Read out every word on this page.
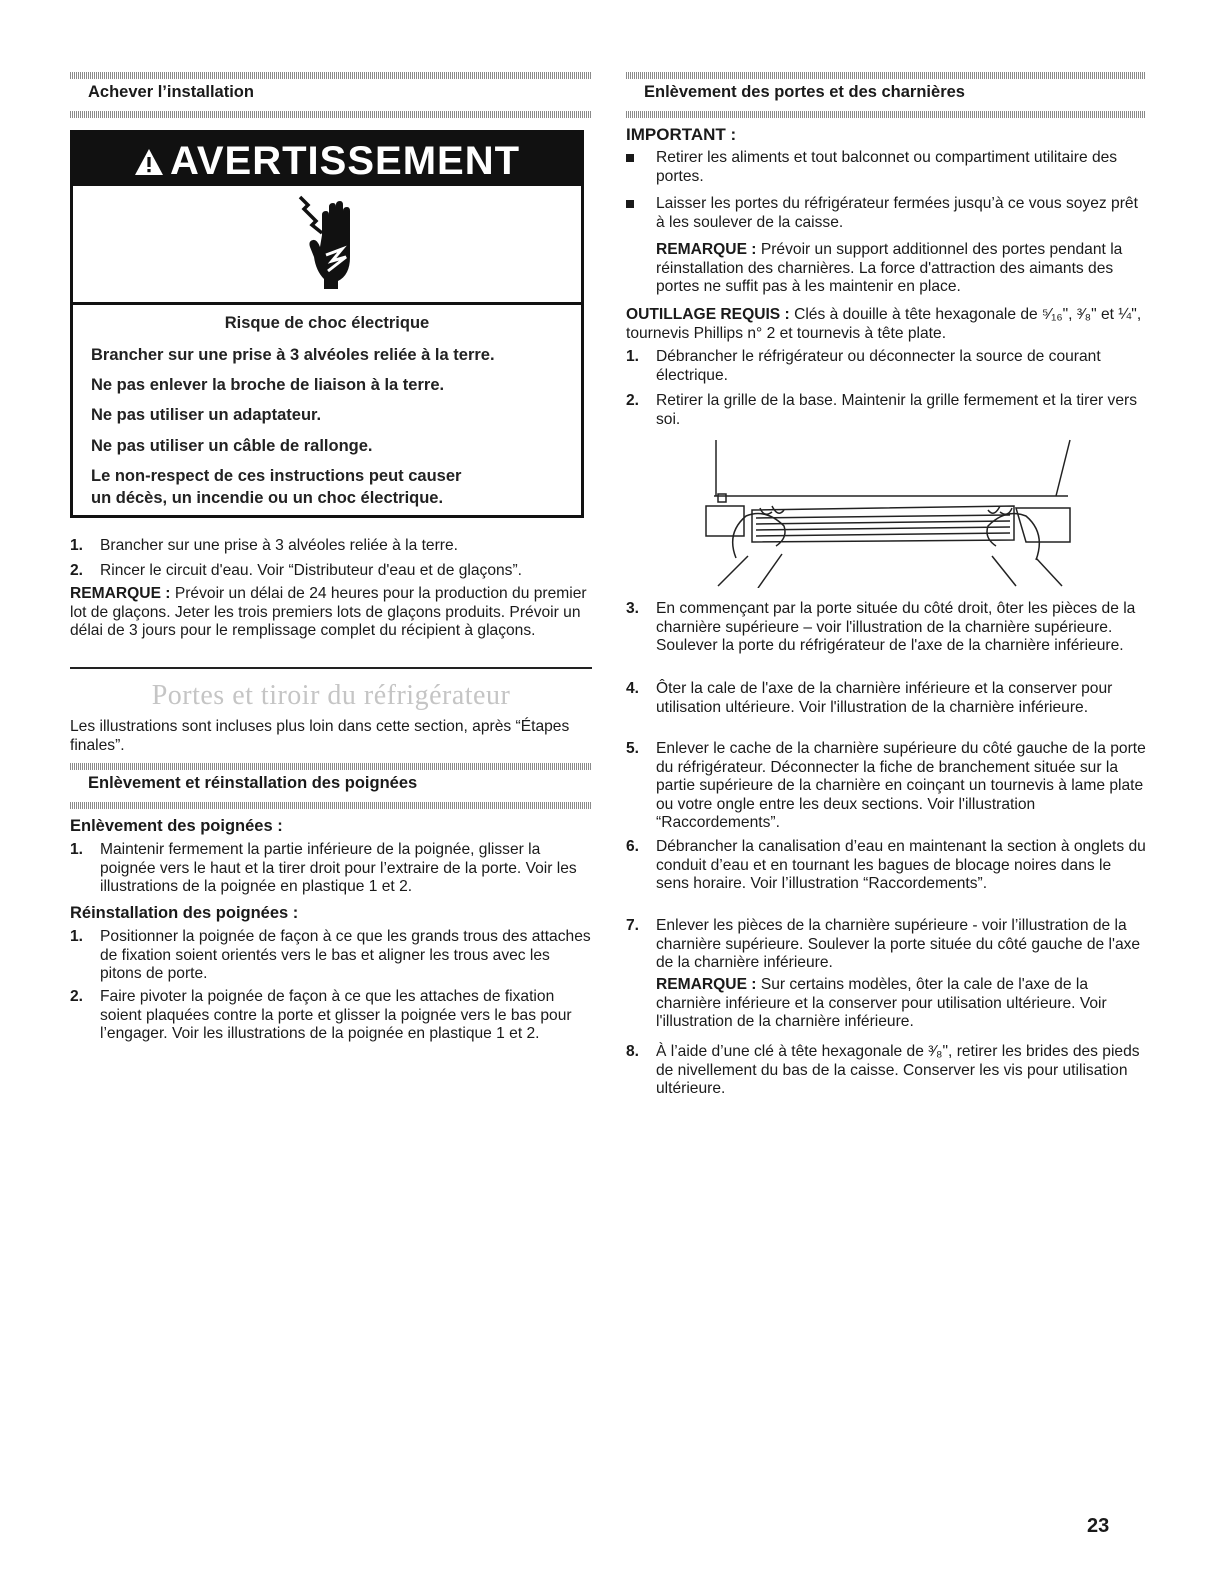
Achever l’installation
AVERTISSEMENT
Risque de choc électrique
Brancher sur une prise à 3 alvéoles reliée à la terre.
Ne pas enlever la broche de liaison à la terre.
Ne pas utiliser un adaptateur.
Ne pas utiliser un câble de rallonge.
Le non-respect de ces instructions peut causer
un décès, un incendie ou un choc électrique.
1. Brancher sur une prise à 3 alvéoles reliée à la terre.
2. Rincer le circuit d'eau. Voir “Distributeur d'eau et de glaçons”.
REMARQUE : Prévoir un délai de 24 heures pour la production du premier lot de glaçons. Jeter les trois premiers lots de glaçons produits. Prévoir un délai de 3 jours pour le remplissage complet du récipient à glaçons.
Portes et tiroir du réfrigérateur
Les illustrations sont incluses plus loin dans cette section, après “Étapes finales”.
Enlèvement et réinstallation des poignées
Enlèvement des poignées :
1. Maintenir fermement la partie inférieure de la poignée, glisser la poignée vers le haut et la tirer droit pour l’extraire de la porte. Voir les illustrations de la poignée en plastique 1 et 2.
Réinstallation des poignées :
1. Positionner la poignée de façon à ce que les grands trous des attaches de fixation soient orientés vers le bas et aligner les trous avec les pitons de porte.
2. Faire pivoter la poignée de façon à ce que les attaches de fixation soient plaquées contre la porte et glisser la poignée vers le bas pour l’engager. Voir les illustrations de la poignée en plastique 1 et 2.
Enlèvement des portes et des charnières
IMPORTANT :
Retirer les aliments et tout balconnet ou compartiment utilitaire des portes.
Laisser les portes du réfrigérateur fermées jusqu’à ce vous soyez prêt à les soulever de la caisse.
REMARQUE : Prévoir un support additionnel des portes pendant la réinstallation des charnières. La force d'attraction des aimants des portes ne suffit pas à les maintenir en place.
OUTILLAGE REQUIS : Clés à douille à tête hexagonale de ⁵⁄₁₆", ³⁄₈" et ¼", tournevis Phillips n° 2 et tournevis à tête plate.
1. Débrancher le réfrigérateur ou déconnecter la source de courant électrique.
2. Retirer la grille de la base. Maintenir la grille fermement et la tirer vers soi.
3. En commençant par la porte située du côté droit, ôter les pièces de la charnière supérieure – voir l'illustration de la charnière supérieure. Soulever la porte du réfrigérateur de l'axe de la charnière inférieure.
4. Ôter la cale de l'axe de la charnière inférieure et la conserver pour utilisation ultérieure. Voir l'illustration de la charnière inférieure.
5. Enlever le cache de la charnière supérieure du côté gauche de la porte du réfrigérateur. Déconnecter la fiche de branchement située sur la partie supérieure de la charnière en coinçant un tournevis à lame plate ou votre ongle entre les deux sections. Voir l'illustration “Raccordements”.
6. Débrancher la canalisation d’eau en maintenant la section à onglets du conduit d’eau et en tournant les bagues de blocage noires dans le sens horaire. Voir l’illustration “Raccordements”.
7. Enlever les pièces de la charnière supérieure - voir l’illustration de la charnière supérieure. Soulever la porte située du côté gauche de l'axe de la charnière inférieure.
REMARQUE : Sur certains modèles, ôter la cale de l'axe de la charnière inférieure et la conserver pour utilisation ultérieure. Voir l'illustration de la charnière inférieure.
8. À l’aide d’une clé à tête hexagonale de ³⁄₈", retirer les brides des pieds de nivellement du bas de la caisse. Conserver les vis pour utilisation ultérieure.
23
